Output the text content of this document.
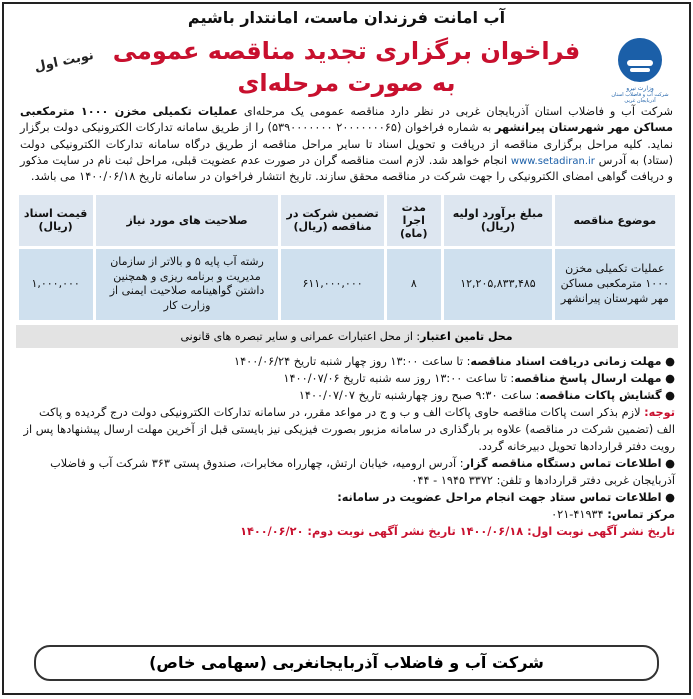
آب امانت فرزندان ماست، امانتدار باشیم
نوبت اول
وزارت نیرو
شرکت آب و فاضلاب استان آذربایجان غربی
فراخوان برگزاری تجدید مناقصه عمومی
به صورت مرحله‌ای
شرکت آب و فاضلاب استان آذربایجان غربی در نظر دارد مناقصه عمومی یک مرحله‌ای عملیات تکمیلی مخزن ۱۰۰۰ مترمکعبی مساکن مهر شهرستان پیرانشهر به شماره فراخوان (۲۰۰۰۰۰۰۰۶۵ ۵۳۹۰۰۰۰۰۰۰) را از طریق سامانه تدارکات الکترونیکی دولت برگزار نماید. کلیه مراحل برگزاری مناقصه از دریافت و تحویل اسناد تا سایر مراحل مناقصه از طریق درگاه سامانه تدارکات الکترونیکی دولت (ستاد) به آدرس www.setadiran.ir انجام خواهد شد. لازم است مناقصه گران در صورت عدم عضویت قبلی، مراحل ثبت نام در سایت مذکور و دریافت گواهی امضای الکترونیکی را جهت شرکت در مناقصه محقق سازند. تاریخ انتشار فراخوان در سامانه تاریخ ۱۴۰۰/۰۶/۱۸ می باشد.
موضوع مناقصه	مبلغ برآورد اولیه (ریال)	مدت اجرا (ماه)	تضمین شرکت در مناقصه (ریال)	صلاحیت های مورد نیاز	قیمت اسناد (ریال)
عملیات تکمیلی مخزن ۱۰۰۰ مترمکعبی مساکن مهر شهرستان پیرانشهر	۱۲,۲۰۵,۸۳۳,۴۸۵	۸	۶۱۱,۰۰۰,۰۰۰	رشته آب پایه ۵ و بالاتر از سازمان مدیریت و برنامه ریزی و همچنین داشتن گواهینامه صلاحیت ایمنی از وزارت کار	۱,۰۰۰,۰۰۰
محل تامین اعتبار: از محل اعتبارات عمرانی و سایر تبصره های قانونی
● مهلت زمانی دریافت اسناد مناقصه: تا ساعت ۱۳:۰۰ روز چهار شنبه تاریخ ۱۴۰۰/۰۶/۲۴
● مهلت ارسال پاسخ مناقصه: تا ساعت ۱۳:۰۰ روز سه شنبه تاریخ ۱۴۰۰/۰۷/۰۶
● گشایش پاکات مناقصه: ساعت ۹:۳۰ صبح روز چهارشنبه تاریخ ۱۴۰۰/۰۷/۰۷
توجه: لازم بذکر است پاکات مناقصه حاوی پاکات الف و ب و ج در مواعد مقرر، در سامانه تدارکات الکترونیکی دولت درج گردیده و پاکت الف (تضمین شرکت در مناقصه) علاوه بر بارگذاری در سامانه مزبور بصورت فیزیکی نیز بایستی قبل از آخرین مهلت ارسال پیشنهادها پس از رویت دفتر قراردادها تحویل دبیرخانه گردد.
● اطلاعات تماس دستگاه مناقصه گزار: آدرس ارومیه، خیابان ارتش، چهارراه مخابرات، صندوق پستی ۳۶۳ شرکت آب و فاضلاب آذربایجان غربی دفتر قراردادها و تلفن: ۳۳۷۲ ۱۹۴۵ - ۰۴۴
● اطلاعات تماس ستاد جهت انجام مراحل عضویت در سامانه:
مرکز تماس: ۴۱۹۳۴-۰۲۱
تاریخ نشر آگهی نوبت اول: ۱۴۰۰/۰۶/۱۸ تاریخ نشر آگهی نوبت دوم: ۱۴۰۰/۰۶/۲۰
شرکت آب و فاضلاب آذربایجانغربی (سهامی خاص)
